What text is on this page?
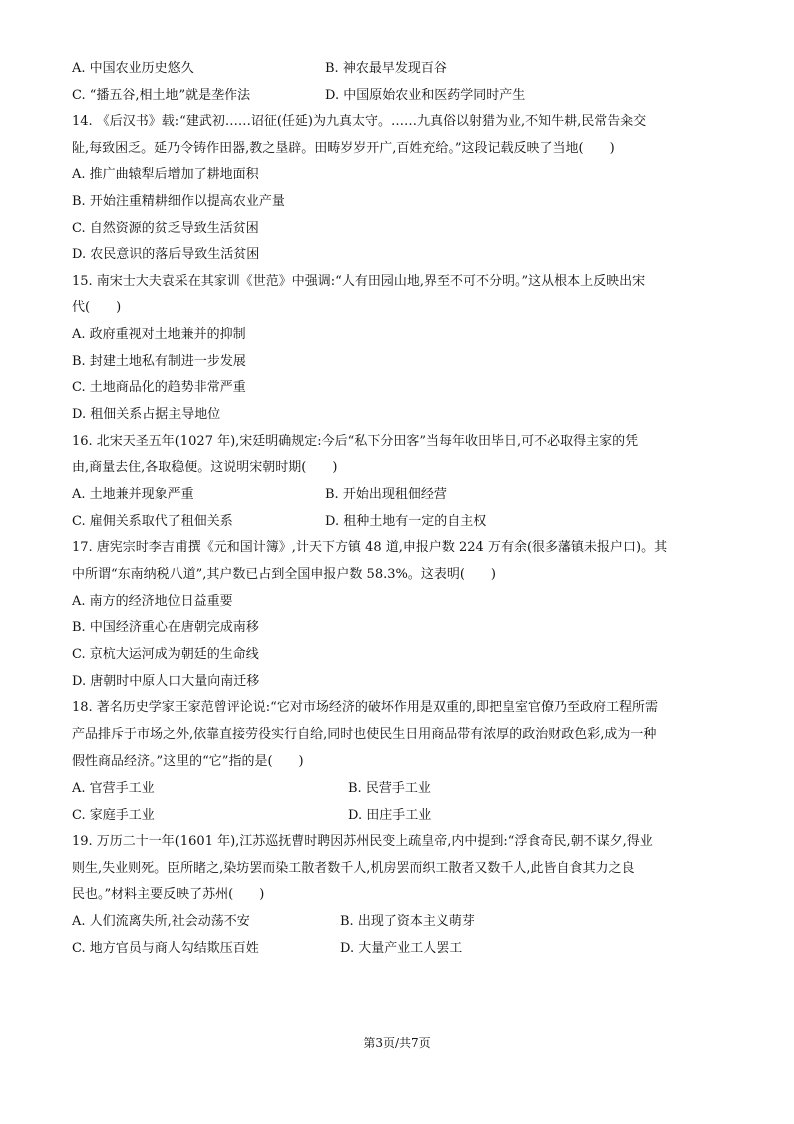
A. 中国农业历史悠久	B. 神农最早发现百谷
C. “播五谷,相土地”就是垄作法	D. 中国原始农业和医药学同时产生
14. 《后汉书》载:“建武初……诏征(任延)为九真太守。……九真俗以射猎为业,不知牛耕,民常告籴交
阯,每致困乏。延乃令铸作田器,教之垦辟。田畴岁岁开广,百姓充给。”这段记载反映了当地(　　)
A. 推广曲辕犁后增加了耕地面积
B. 开始注重精耕细作以提高农业产量
C. 自然资源的贫乏导致生活贫困
D. 农民意识的落后导致生活贫困
15. 南宋士大夫袁采在其家训《世范》中强调:“人有田园山地,界至不可不分明。”这从根本上反映出宋
代(　　)
A. 政府重视对土地兼并的抑制
B. 封建土地私有制进一步发展
C. 土地商品化的趋势非常严重
D. 租佃关系占据主导地位
16. 北宋天圣五年(1027 年),宋廷明确规定:今后“私下分田客”当每年收田毕日,可不必取得主家的凭
由,商量去住,各取稳便。这说明宋朝时期(　　)
A. 土地兼并现象严重	B. 开始出现租佃经营
C. 雇佣关系取代了租佃关系	D. 租种土地有一定的自主权
17. 唐宪宗时李吉甫撰《元和国计簿》,计天下方镇 48 道,申报户数 224 万有余(很多藩镇未报户口)。其
中所谓“东南纳税八道”,其户数已占到全国申报户数 58.3%。这表明(　　)
A. 南方的经济地位日益重要
B. 中国经济重心在唐朝完成南移
C. 京杭大运河成为朝廷的生命线
D. 唐朝时中原人口大量向南迁移
18. 著名历史学家王家范曾评论说:“它对市场经济的破坏作用是双重的,即把皇室官僚乃至政府工程所需
产品排斥于市场之外,依靠直接劳役实行自给,同时也使民生日用商品带有浓厚的政治财政色彩,成为一种
假性商品经济。”这里的“它”指的是(　　)
A. 官营手工业	B. 民营手工业
C. 家庭手工业	D. 田庄手工业
19. 万历二十一年(1601 年),江苏巡抚曹时聘因苏州民变上疏皇帝,内中提到:“浮食奇民,朝不谋夕,得业
则生,失业则死。臣所睹之,染坊罢而染工散者数千人,机房罢而织工散者又数千人,此皆自食其力之良
民也。”材料主要反映了苏州(　　)
A. 人们流离失所,社会动荡不安	B. 出现了资本主义萌芽
C. 地方官员与商人勾结欺压百姓	D. 大量产业工人罢工
第3页/共7页
